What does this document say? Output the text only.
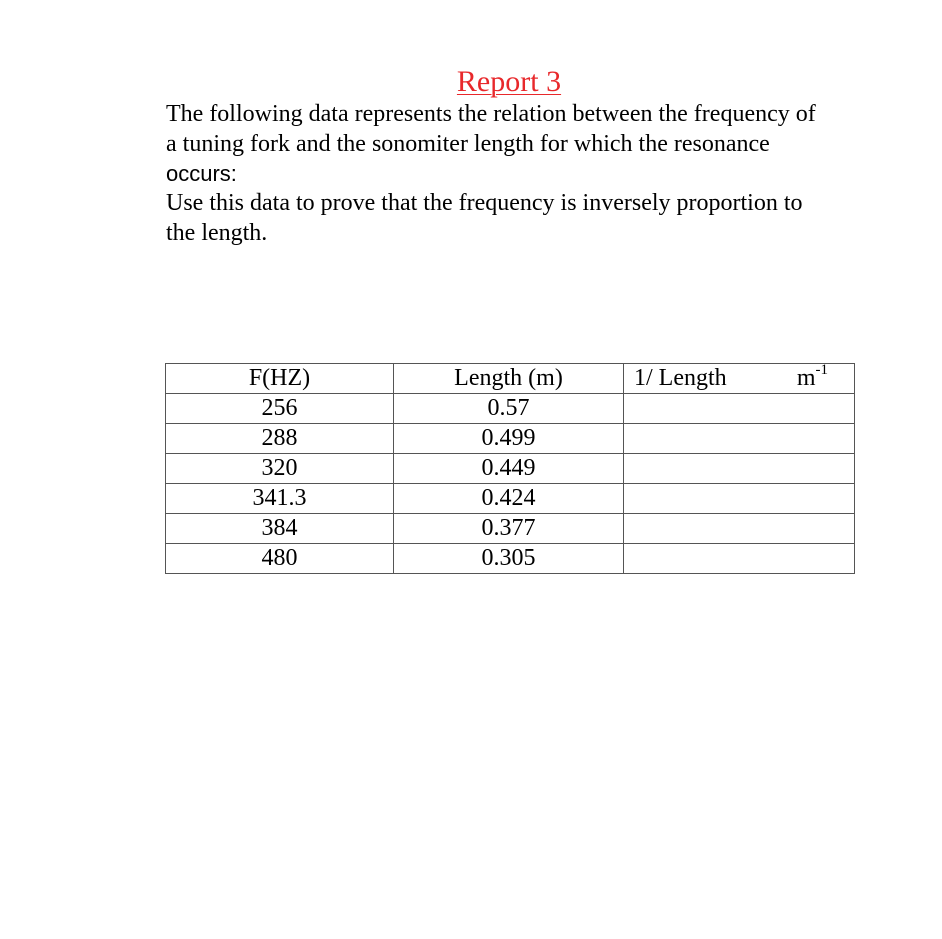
Report 3

The following data represents the relation between the frequency of
a tuning fork and the sonomiter length for which the resonance
occurs:

Use this data to prove that the frequency is inversely proportion to
the length.

F(HZ)	Length (m)	1/ Length $m^{-1}$

256	0.57	
288	0.499	
320	0.449	
341.3	0.424	
384	0.377	
480	0.305	
